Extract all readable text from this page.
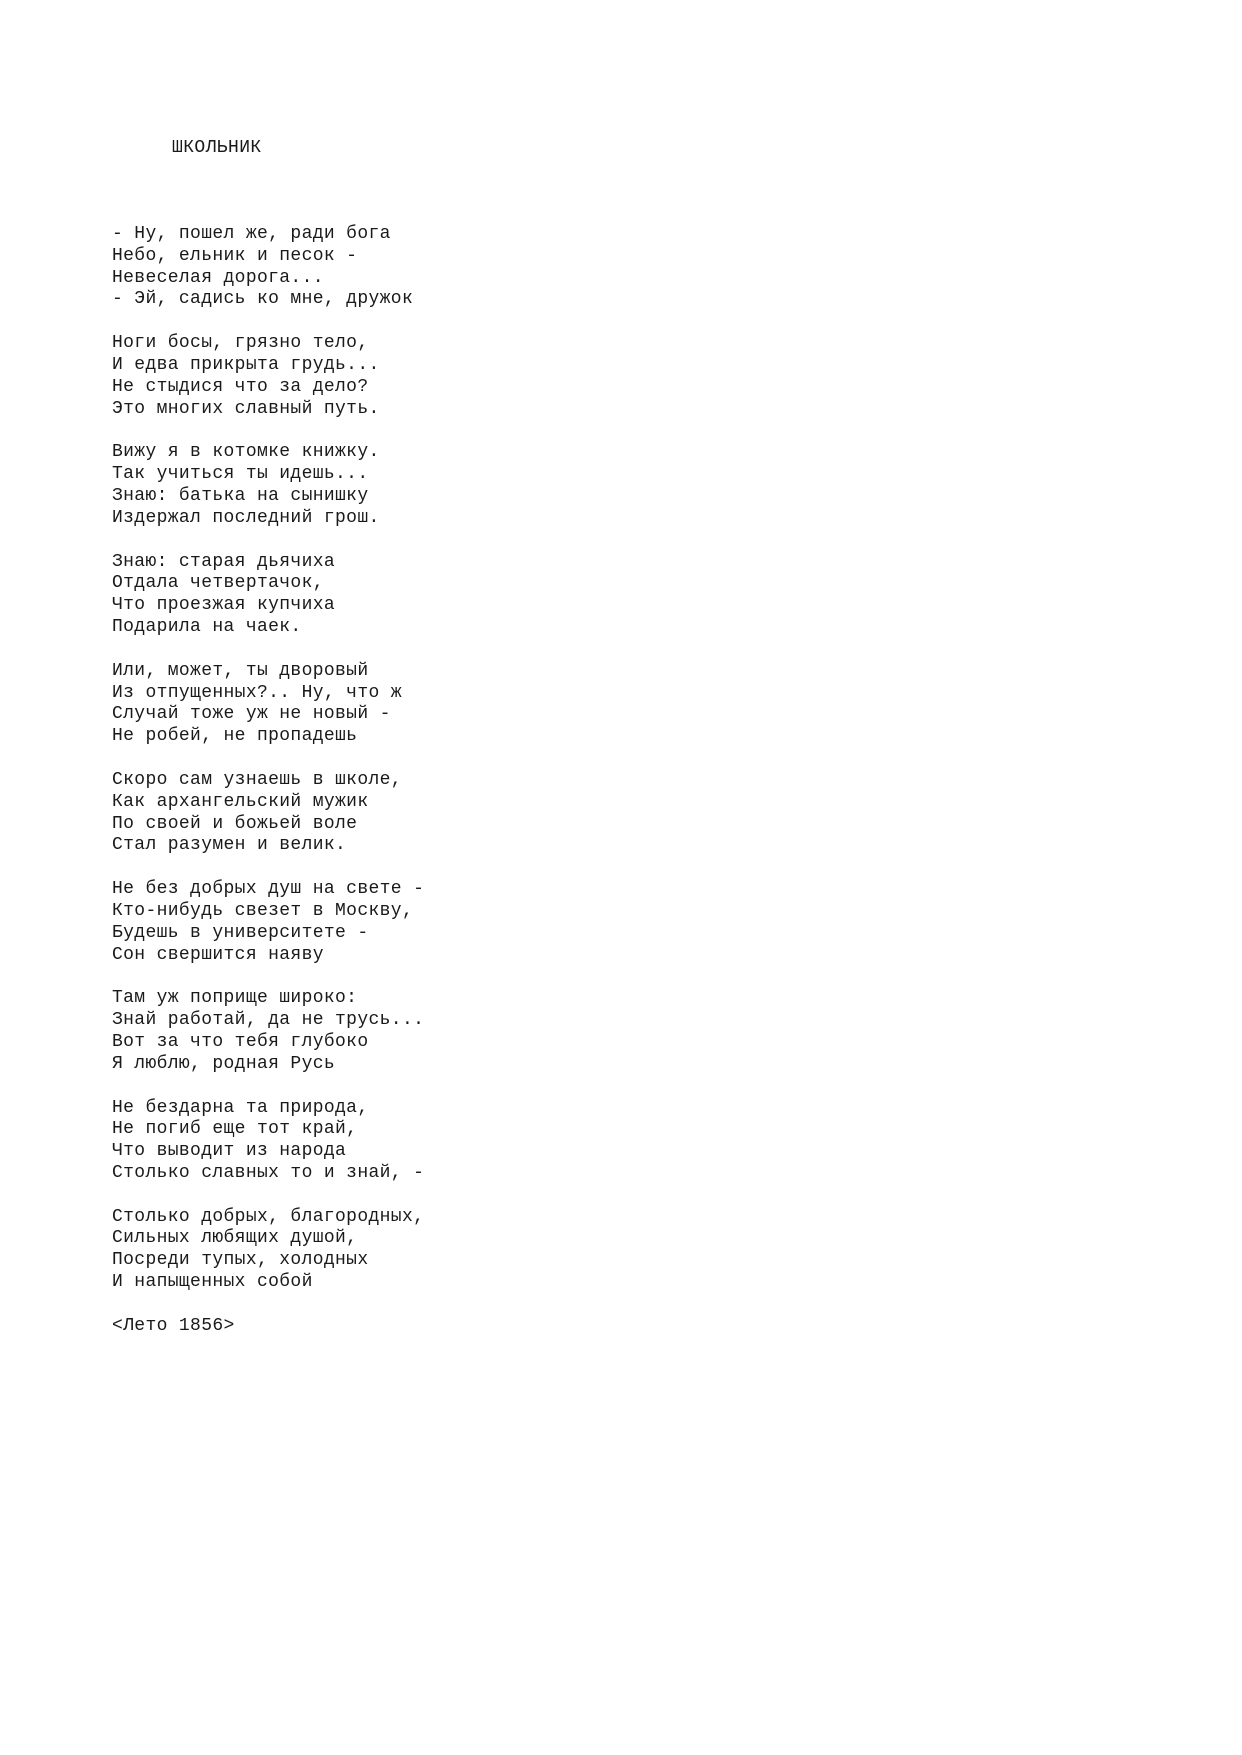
ШКОЛЬНИК
- Ну, пошел же, ради бога
Небо, ельник и песок -
Невеселая дорога...
- Эй, садись ко мне, дружок
Ноги босы, грязно тело,
И едва прикрыта грудь...
Не стыдися что за дело?
Это многих славный путь.
Вижу я в котомке книжку.
Так учиться ты идешь...
Знаю: батька на сынишку
Издержал последний грош.
Знаю: старая дьячиха
Отдала четвертачок,
Что проезжая купчиха
Подарила на чаек.
Или, может, ты дворовый
Из отпущенных?.. Ну, что ж
Случай тоже уж не новый -
Не робей, не пропадешь
Скоро сам узнаешь в школе,
Как архангельский мужик
По своей и божьей воле
Стал разумен и велик.
Не без добрых душ на свете -
Кто-нибудь свезет в Москву,
Будешь в университете -
Сон свершится наяву
Там уж поприще широко:
Знай работай, да не трусь...
Вот за что тебя глубоко
Я люблю, родная Русь
Не бездарна та природа,
Не погиб еще тот край,
Что выводит из народа
Столько славных то и знай, -
Столько добрых, благородных,
Сильных любящих душой,
Посреди тупых, холодных
И напыщенных собой
<Лето 1856>
